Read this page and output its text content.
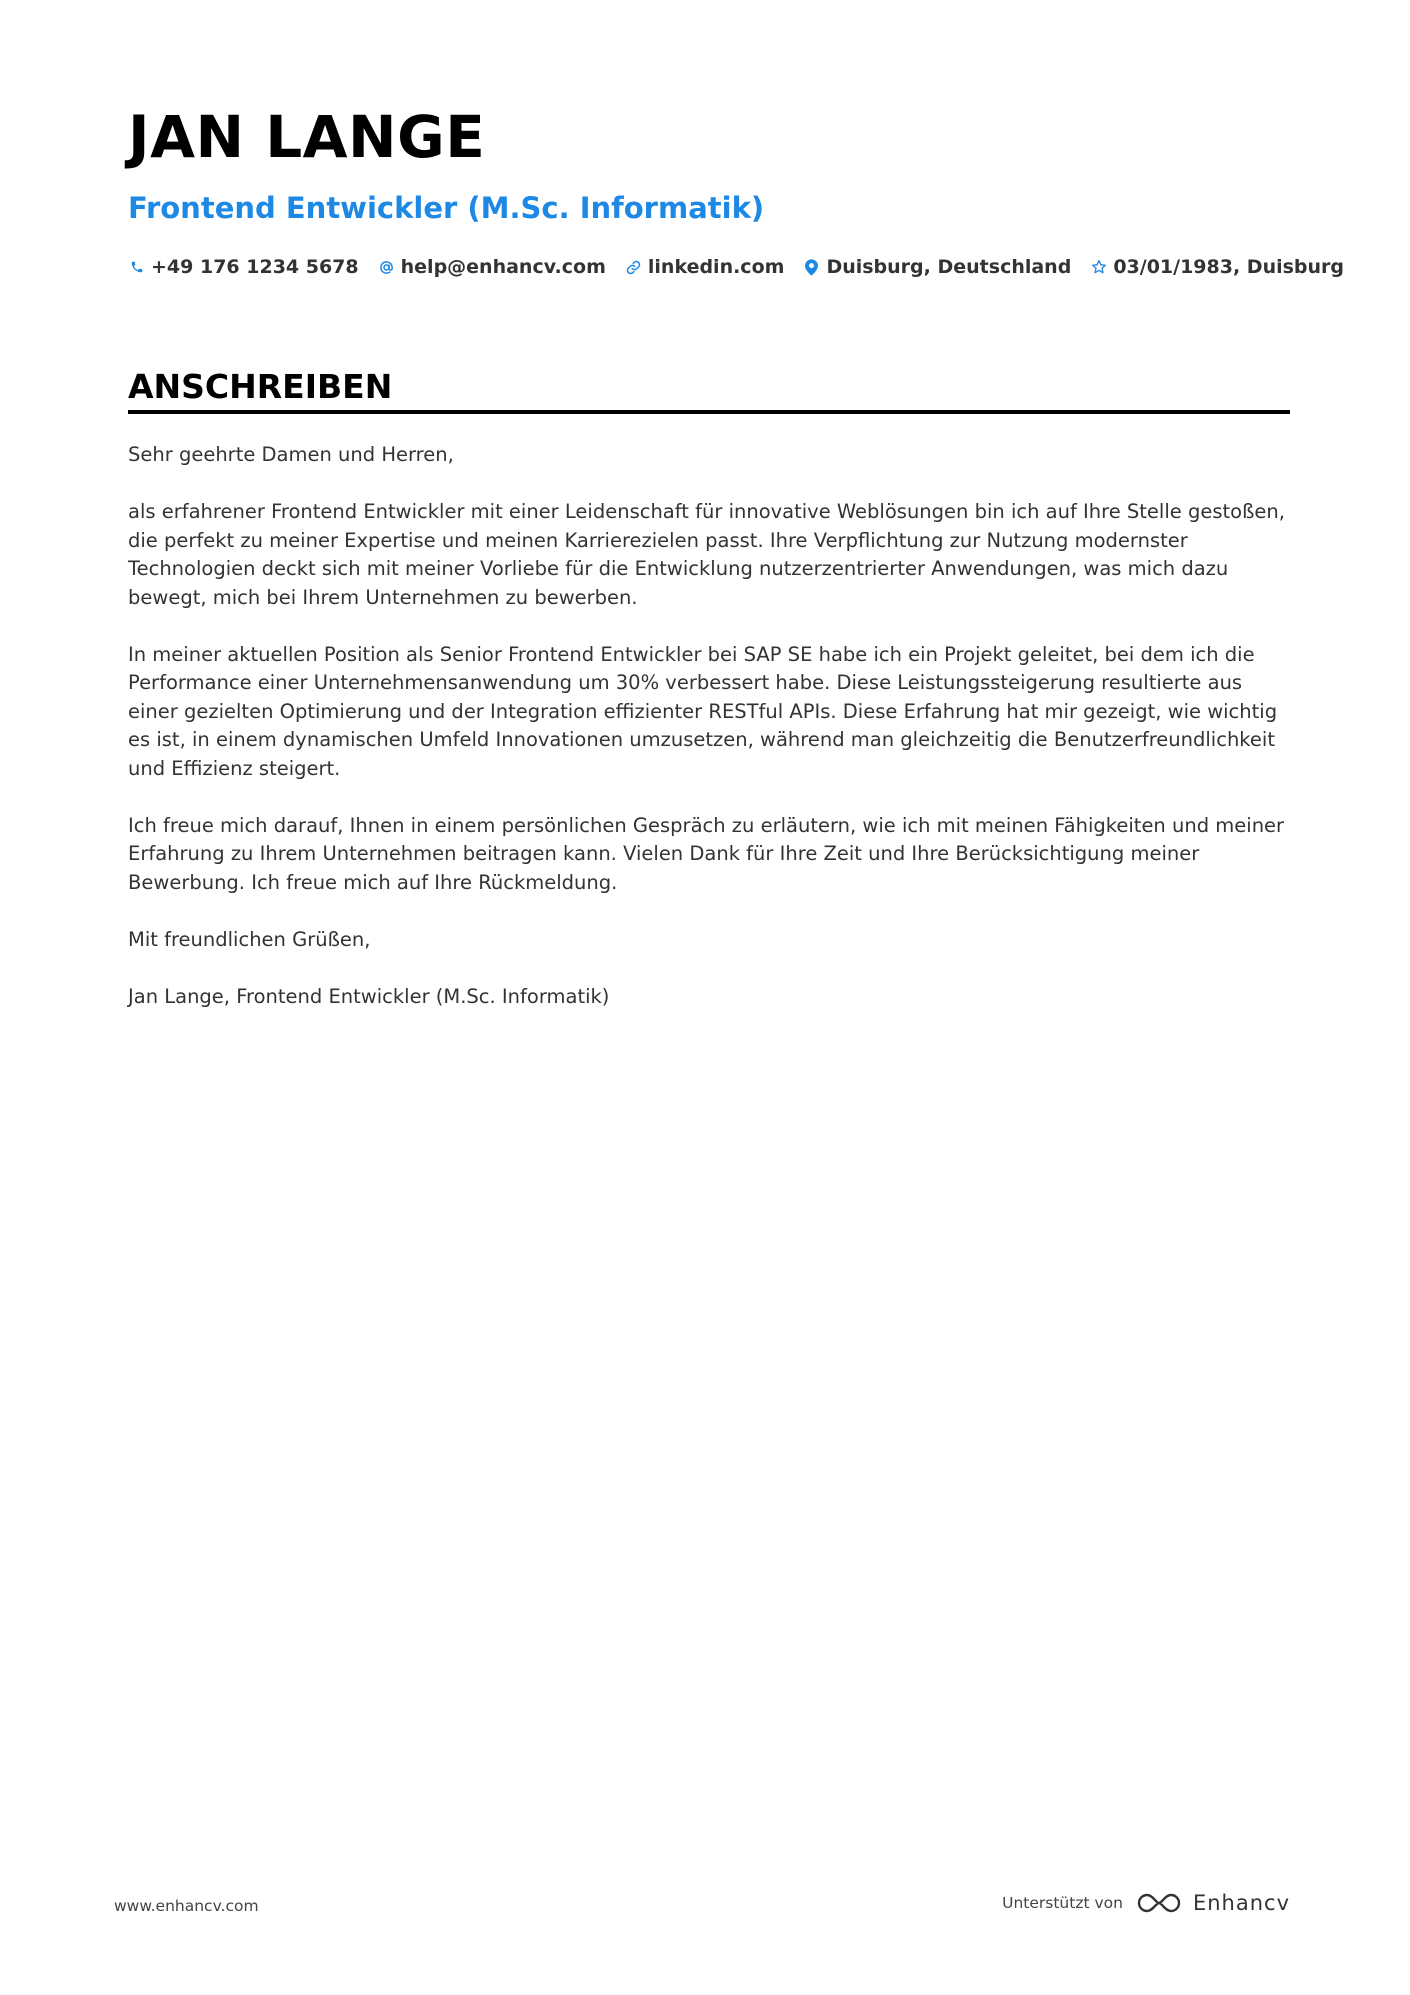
JAN LANGE
Frontend Entwickler (M.Sc. Informatik)
+49 176 1234 5678 help@enhancv.com linkedin.com Duisburg, Deutschland 03/01/1983, Duisburg
ANSCHREIBEN

Sehr geehrte Damen und Herren,

als erfahrener Frontend Entwickler mit einer Leidenschaft für innovative Weblösungen bin ich auf Ihre Stelle gestoßen, die perfekt zu meiner Expertise und meinen Karrierezielen passt. Ihre Verpflichtung zur Nutzung modernster Technologien deckt sich mit meiner Vorliebe für die Entwicklung nutzerzentrierter Anwendungen, was mich dazu bewegt, mich bei Ihrem Unternehmen zu bewerben.

In meiner aktuellen Position als Senior Frontend Entwickler bei SAP SE habe ich ein Projekt geleitet, bei dem ich die Performance einer Unternehmensanwendung um 30% verbessert habe. Diese Leistungssteigerung resultierte aus einer gezielten Optimierung und der Integration effizienter RESTful APIs. Diese Erfahrung hat mir gezeigt, wie wichtig es ist, in einem dynamischen Umfeld Innovationen umzusetzen, während man gleichzeitig die Benutzerfreundlichkeit und Effizienz steigert.

Ich freue mich darauf, Ihnen in einem persönlichen Gespräch zu erläutern, wie ich mit meinen Fähigkeiten und meiner Erfahrung zu Ihrem Unternehmen beitragen kann. Vielen Dank für Ihre Zeit und Ihre Berücksichtigung meiner Bewerbung. Ich freue mich auf Ihre Rückmeldung.

Mit freundlichen Grüßen,

Jan Lange, Frontend Entwickler (M.Sc. Informatik)

www.enhancv.com	Unterstützt von	Enhancv
